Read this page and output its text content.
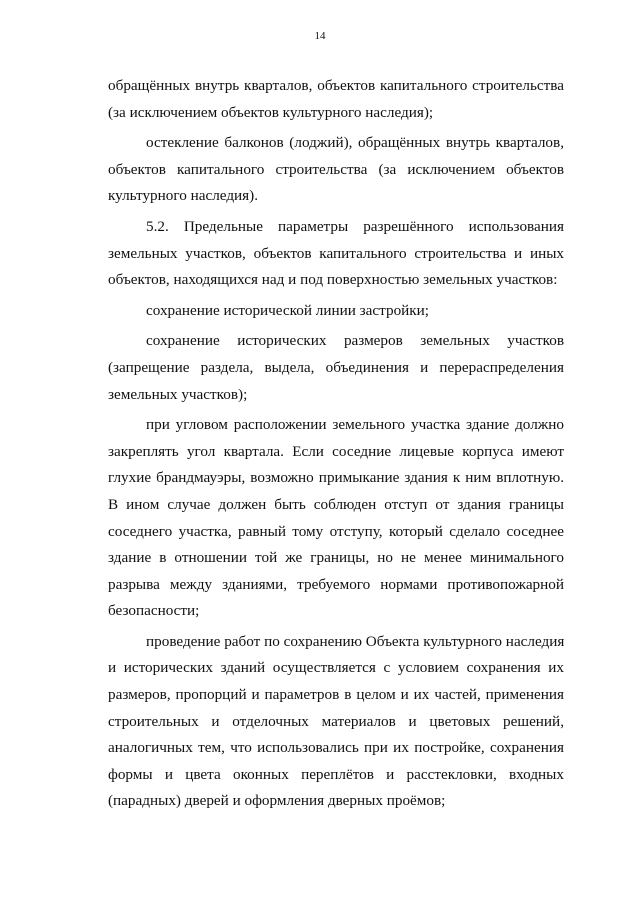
14
обращённых внутрь кварталов, объектов капитального строительства
(за исключением объектов культурного наследия);
остекление балконов (лоджий), обращённых внутрь кварталов,
объектов капитального строительства (за исключением объектов
культурного наследия).
5.2. Предельные параметры разрешённого использования
земельных участков, объектов капитального строительства и иных
объектов, находящихся над и под поверхностью земельных участков:
сохранение исторической линии застройки;
сохранение исторических размеров земельных участков
(запрещение раздела, выдела, объединения и перераспределения
земельных участков);
при угловом расположении земельного участка здание должно
закреплять угол квартала. Если соседние лицевые корпуса имеют
глухие брандмауэры, возможно примыкание здания к ним вплотную.
В ином случае должен быть соблюден отступ от здания границы
соседнего участка, равный тому отступу, который сделало соседнее
здание в отношении той же границы, но не менее минимального
разрыва между зданиями, требуемого нормами противопожарной
безопасности;
проведение работ по сохранению Объекта культурного наследия
и исторических зданий осуществляется с условием сохранения их
размеров, пропорций и параметров в целом и их частей, применения
строительных и отделочных материалов и цветовых решений,
аналогичных тем, что использовались при их постройке, сохранения
формы и цвета оконных переплётов и расстекловки, входных
(парадных) дверей и оформления дверных проёмов;
